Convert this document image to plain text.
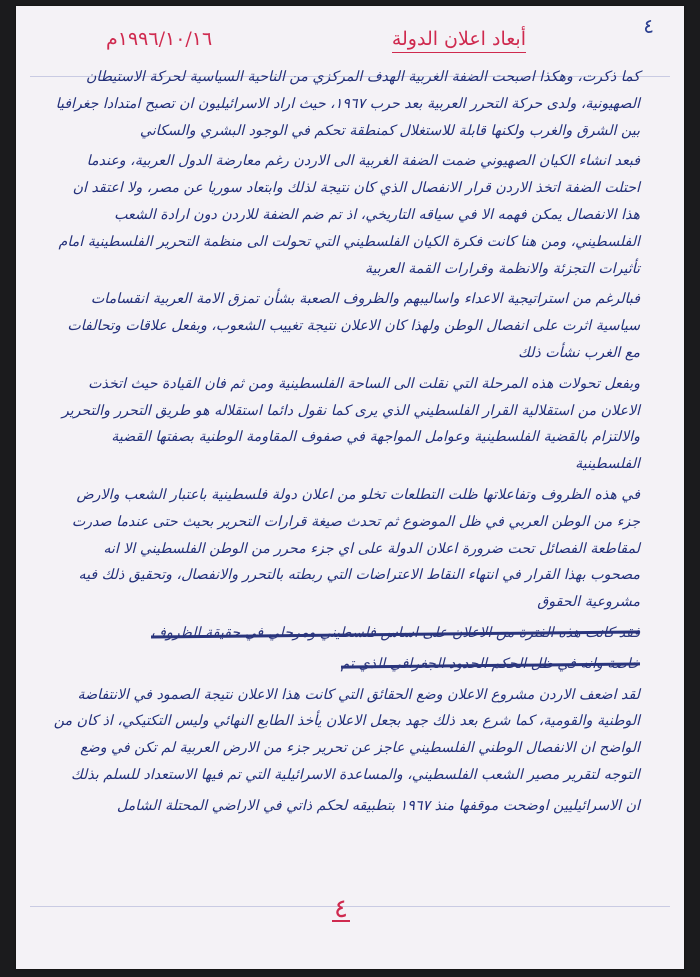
٤
أبعاد اعلان الدولة
١٩٩٦/١٠/١٦م

كما ذكرت، وهكذا اصبحت الضفة الغربية الهدف المركزي من الناحية السياسية لحركة الاستيطان الصهيونية، ولدى حركة التحرر العربية بعد حرب ١٩٦٧، حيث اراد الاسرائيليون ان تصبح امتدادا جغرافيا بين الشرق والغرب ولكنها قابلة للاستغلال كمنطقة تحكم في الوجود البشري والسكاني

فبعد انشاء الكيان الصهيوني ضمت الضفة الغربية الى الاردن رغم معارضة الدول العربية، وعندما احتلت الضفة اتخذ الاردن قرار الانفصال الذي كان نتيجة لذلك وابتعاد سوريا عن مصر، ولا اعتقد ان هذا الانفصال يمكن فهمه الا في سياقه التاريخي، اذ تم ضم الضفة للاردن دون ارادة الشعب الفلسطيني، ومن هنا كانت فكرة الكيان الفلسطيني التي تحولت الى منظمة التحرير الفلسطينية امام تأثيرات التجزئة والانظمة وقرارات القمة العربية

فبالرغم من استراتيجية الاعداء واساليبهم والظروف الصعبة بشأن تمزق الامة العربية انقسامات سياسية اثرت على انفصال الوطن ولهذا كان الاعلان نتيجة تغييب الشعوب، وبفعل علاقات وتحالفات مع الغرب نشأت ذلك

وبفعل تحولات هذه المرحلة التي نقلت الى الساحة الفلسطينية ومن ثم فان القيادة حيث اتخذت الاعلان من استقلالية القرار الفلسطيني الذي يرى كما نقول دائما استقلاله هو طريق التحرر والتحرير والالتزام بالقضية الفلسطينية وعوامل المواجهة في صفوف المقاومة الوطنية بصفتها القضية الفلسطينية

في هذه الظروف وتفاعلاتها ظلت التطلعات تخلو من اعلان دولة فلسطينية باعتبار الشعب والارض جزء من الوطن العربي في ظل الموضوع ثم تحدث صيغة قرارات التحرير بحيث حتى عندما صدرت لمقاطعة الفصائل تحت ضرورة اعلان الدولة على اي جزء محرر من الوطن الفلسطيني الا انه مصحوب بهذا القرار في انتهاء النقاط الاعتراضات التي ربطته بالتحرر والانفصال، وتحقيق ذلك فيه مشروعية الحقوق

فقد كانت هذه الفترة من الاعلان على اساس فلسطيني ومرحلي في حقيقة الظروف

خاصة وانه في ظل الحكم الحدود الجغرافي الذي تم

لقد اضعف الاردن مشروع الاعلان وضع الحقائق التي كانت هذا الاعلان نتيجة الصمود في الانتفاضة الوطنية والقومية، كما شرع بعد ذلك جهد بجعل الاعلان يأخذ الطابع النهائي وليس التكتيكي، اذ كان من الواضح ان الانفصال الوطني الفلسطيني عاجز عن تحرير جزء من الارض العربية لم تكن في وضع التوجه لتقرير مصير الشعب الفلسطيني، والمساعدة الاسرائيلية التي تم فيها الاستعداد للسلم بذلك

ان الاسرائيليين اوضحت موقفها منذ ١٩٦٧ بتطبيقه لحكم ذاتي في الاراضي المحتلة الشامل

٤
